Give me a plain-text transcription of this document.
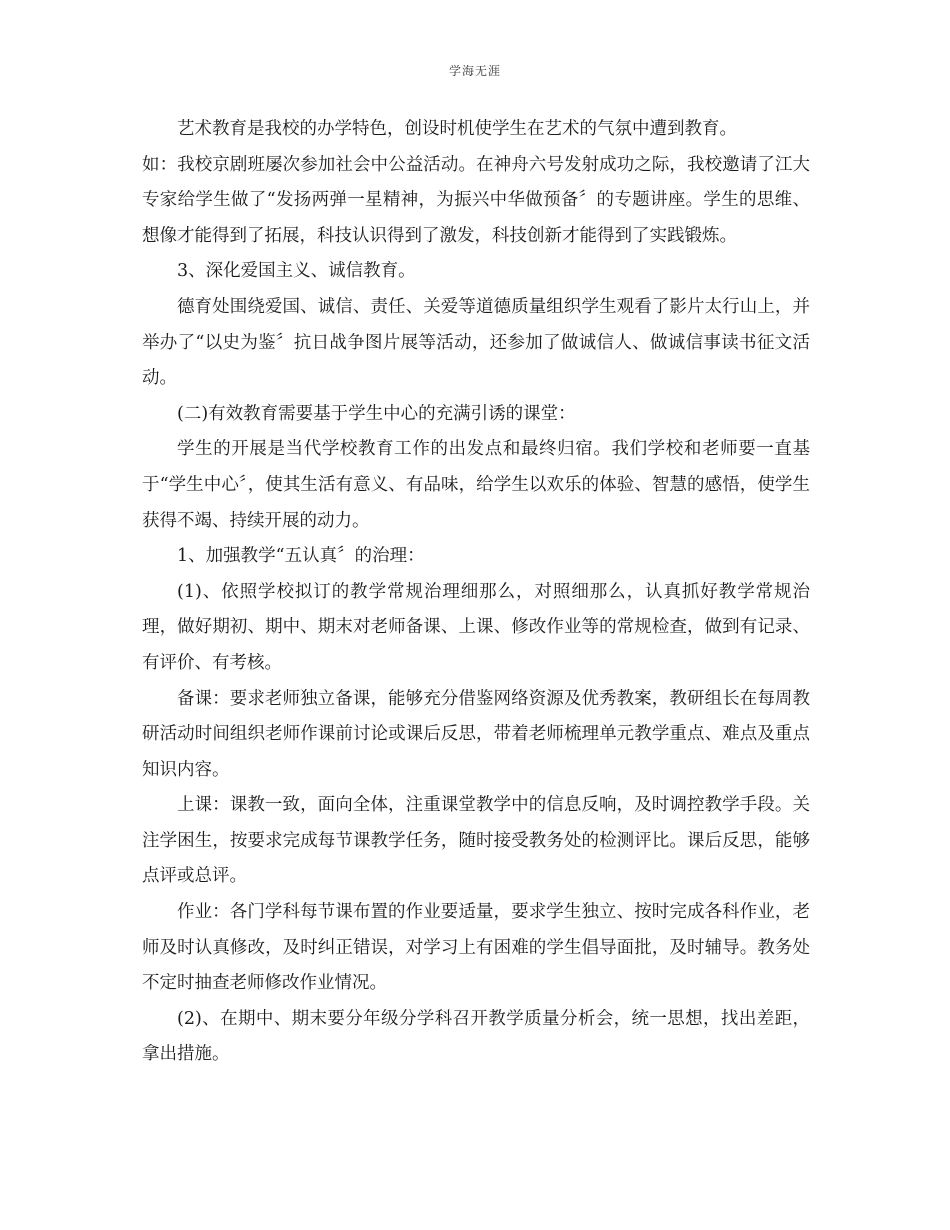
学海无涯

艺术教育是我校的办学特色，创设时机使学生在艺术的气氛中遭到教育。

如：我校京剧班屡次参加社会中公益活动。在神舟六号发射成功之际，我校邀请了江大专家给学生做了“发扬两弹一星精神，为振兴中华做预备〞的专题讲座。学生的思维、想像才能得到了拓展，科技认识得到了激发，科技创新才能得到了实践锻炼。

3、深化爱国主义、诚信教育。

德育处围绕爱国、诚信、责任、关爱等道德质量组织学生观看了影片太行山上，并举办了“以史为鉴〞抗日战争图片展等活动，还参加了做诚信人、做诚信事读书征文活动。

(二)有效教育需要基于学生中心的充满引诱的课堂：

学生的开展是当代学校教育工作的出发点和最终归宿。我们学校和老师要一直基于“学生中心〞，使其生活有意义、有品味，给学生以欢乐的体验、智慧的感悟，使学生获得不竭、持续开展的动力。

1、加强教学“五认真〞的治理：

(1)、依照学校拟订的教学常规治理细那么，对照细那么，认真抓好教学常规治理，做好期初、期中、期末对老师备课、上课、修改作业等的常规检查，做到有记录、有评价、有考核。

备课：要求老师独立备课，能够充分借鉴网络资源及优秀教案，教研组长在每周教研活动时间组织老师作课前讨论或课后反思，带着老师梳理单元教学重点、难点及重点知识内容。

上课：课教一致，面向全体，注重课堂教学中的信息反响，及时调控教学手段。关注学困生，按要求完成每节课教学任务，随时接受教务处的检测评比。课后反思，能够点评或总评。

作业：各门学科每节课布置的作业要适量，要求学生独立、按时完成各科作业，老师及时认真修改，及时纠正错误，对学习上有困难的学生倡导面批，及时辅导。教务处不定时抽查老师修改作业情况。

(2)、在期中、期末要分年级分学科召开教学质量分析会，统一思想，找出差距，拿出措施。
